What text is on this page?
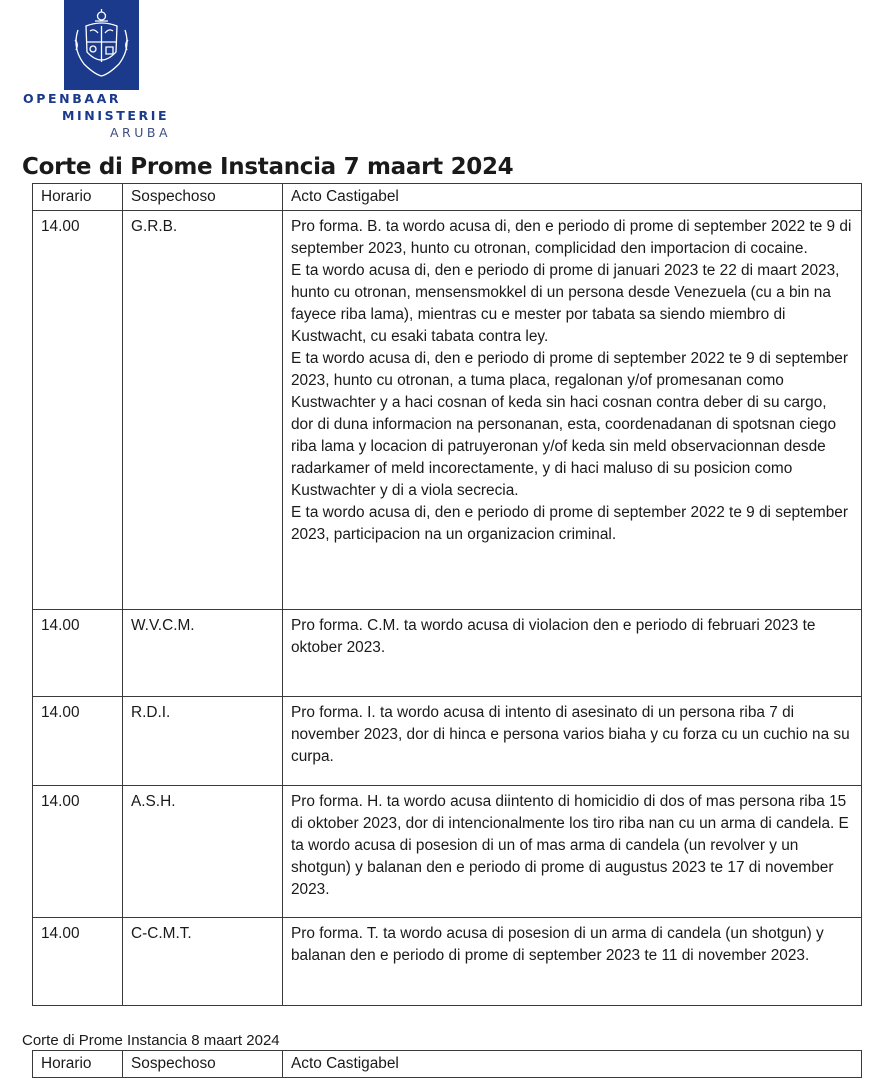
OPENBAAR
MINISTERIE
ARUBA
Corte di Prome Instancia 7 maart 2024
Horario	Sospechoso	Acto Castigabel
14.00	G.R.B.	Pro forma. B. ta wordo acusa di, den e periodo di prome di september 2022 te 9 di september 2023, hunto cu otronan, complicidad den importacion di cocaine.

E ta wordo acusa di, den e periodo di prome di januari 2023 te 22 di maart 2023, hunto cu otronan, mensensmokkel di un persona desde Venezuela (cu a bin na fayece riba lama), mientras cu e mester por tabata sa siendo miembro di Kustwacht, cu esaki tabata contra ley.

E ta wordo acusa di, den e periodo di prome di september 2022 te 9 di september 2023, hunto cu otronan, a tuma placa, regalonan y/of promesanan como Kustwachter y a haci cosnan of keda sin haci cosnan contra deber di su cargo, dor di duna informacion na personanan, esta, coordenadanan di spotsnan ciego riba lama y locacion di patruyeronan y/of keda sin meld observacionnan desde radarkamer of meld incorectamente, y di haci maluso di su posicion como Kustwachter y di a viola secrecia.

E ta wordo acusa di, den e periodo di prome di september 2022 te 9 di september 2023, participacion na un organizacion criminal.

14.00	W.V.C.M.	Pro forma. C.M. ta wordo acusa di violacion den e periodo di februari 2023 te oktober 2023.

14.00	R.D.I.	Pro forma. I. ta wordo acusa di intento di asesinato di un persona riba 7 di november 2023, dor di hinca e persona varios biaha y cu forza cu un cuchio na su curpa.

14.00	A.S.H.	Pro forma. H. ta wordo acusa diintento di homicidio di dos of mas persona riba 15 di oktober 2023, dor di intencionalmente los tiro riba nan cu un arma di candela. E ta wordo acusa di posesion di un of mas arma di candela (un revolver y un shotgun) y balanan den e periodo di prome di augustus 2023 te 17 di november 2023.

14.00	C-C.M.T.	Pro forma. T. ta wordo acusa di posesion di un arma di candela (un shotgun) y balanan den e periodo di prome di september 2023 te 11 di november 2023.

Corte di Prome Instancia 8 maart 2024
Horario	Sospechoso	Acto Castigabel
